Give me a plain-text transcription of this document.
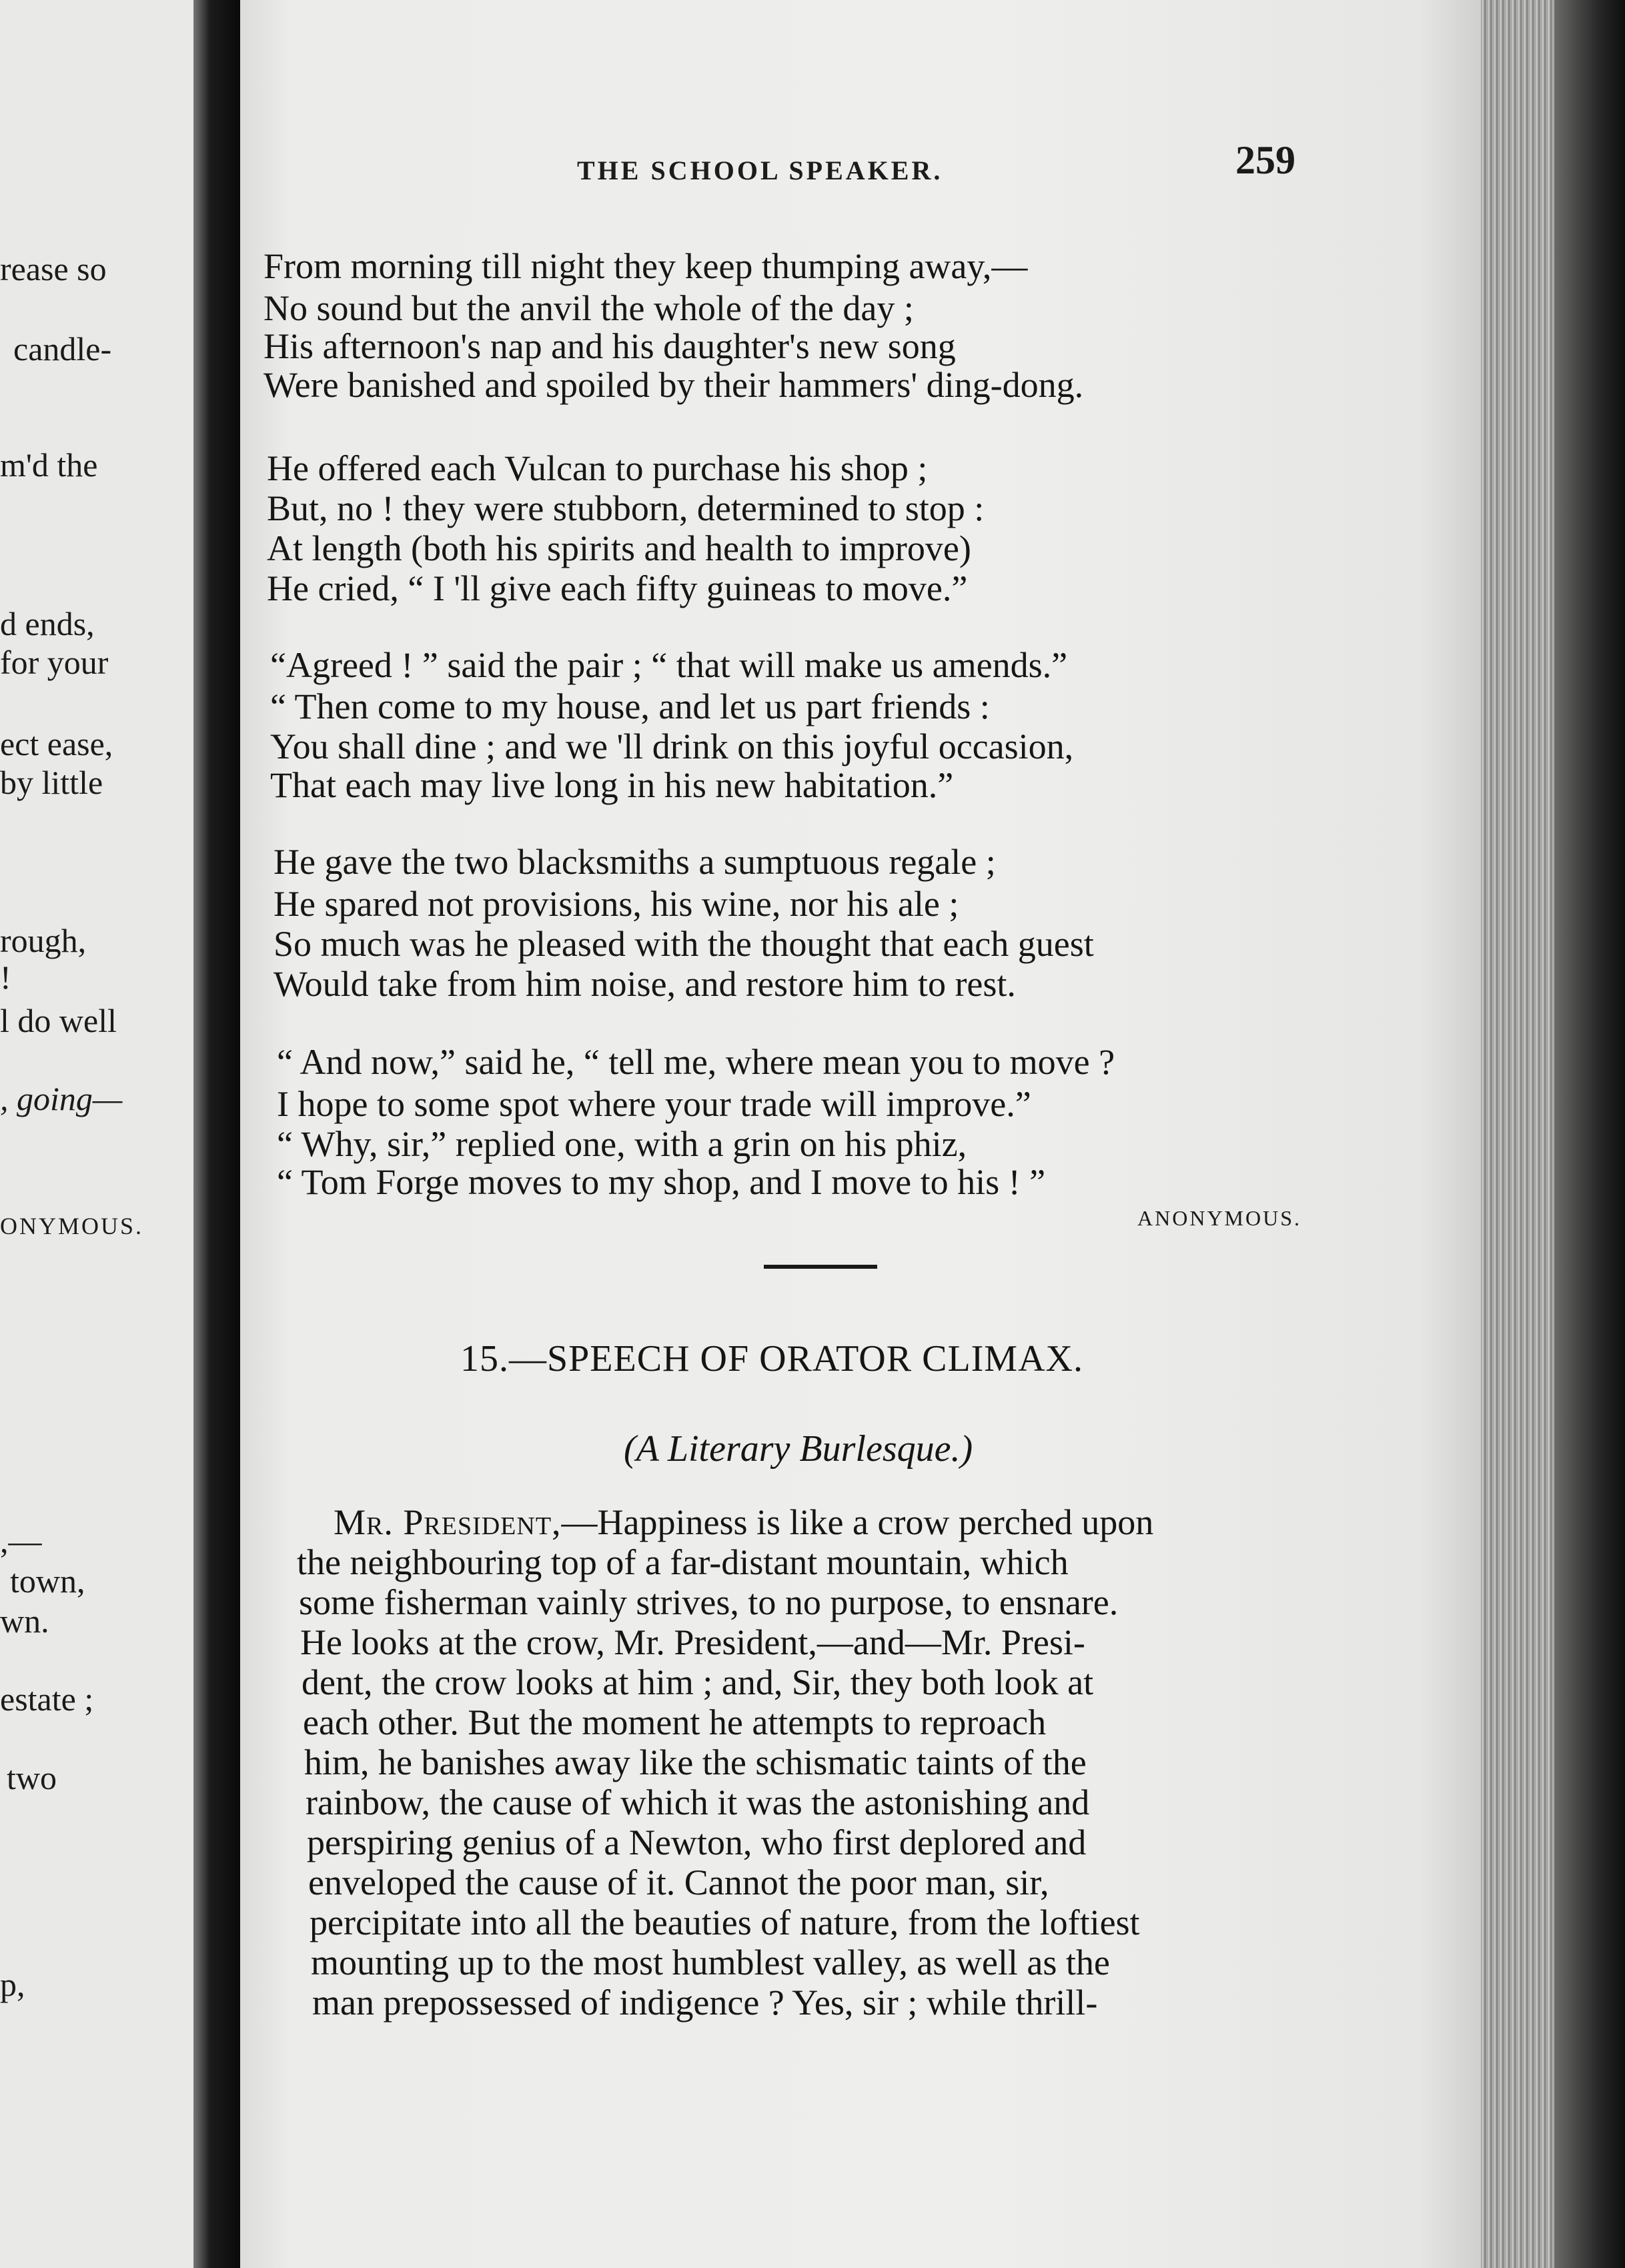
rease so
candle-
m'd the
d ends,
for your
ect ease,
by little
rough,
!
l do well
, going—
ONYMOUS.
,—
town,
wn.
estate ;
two
p,
THE SCHOOL SPEAKER.	259
From morning till night they keep thumping away,—
No sound but the anvil the whole of the day ;
His afternoon's nap and his daughter's new song
Were banished and spoiled by their hammers' ding-dong.
He offered each Vulcan to purchase his shop ;
But, no ! they were stubborn, determined to stop :
At length (both his spirits and health to improve)
He cried, “ I 'll give each fifty guineas to move.”
“Agreed ! ” said the pair ; “ that will make us amends.”
“ Then come to my house, and let us part friends :
You shall dine ; and we 'll drink on this joyful occasion,
That each may live long in his new habitation.”
He gave the two blacksmiths a sumptuous regale ;
He spared not provisions, his wine, nor his ale ;
So much was he pleased with the thought that each guest
Would take from him noise, and restore him to rest.
“ And now,” said he, “ tell me, where mean you to move ?
I hope to some spot where your trade will improve.”
“ Why, sir,” replied one, with a grin on his phiz,
“ Tom Forge moves to my shop, and I move to his ! ”
ANONYMOUS.
15.—SPEECH OF ORATOR CLIMAX.
(A Literary Burlesque.)
Mr. President,—Happiness is like a crow perched upon
the neighbouring top of a far-distant mountain, which
some fisherman vainly strives, to no purpose, to ensnare.
He looks at the crow, Mr. President,—and—Mr. Presi-
dent, the crow looks at him ; and, Sir, they both look at
each other. But the moment he attempts to reproach
him, he banishes away like the schismatic taints of the
rainbow, the cause of which it was the astonishing and
perspiring genius of a Newton, who first deplored and
enveloped the cause of it. Cannot the poor man, sir,
percipitate into all the beauties of nature, from the loftiest
mounting up to the most humblest valley, as well as the
man prepossessed of indigence ? Yes, sir ; while thrill-
